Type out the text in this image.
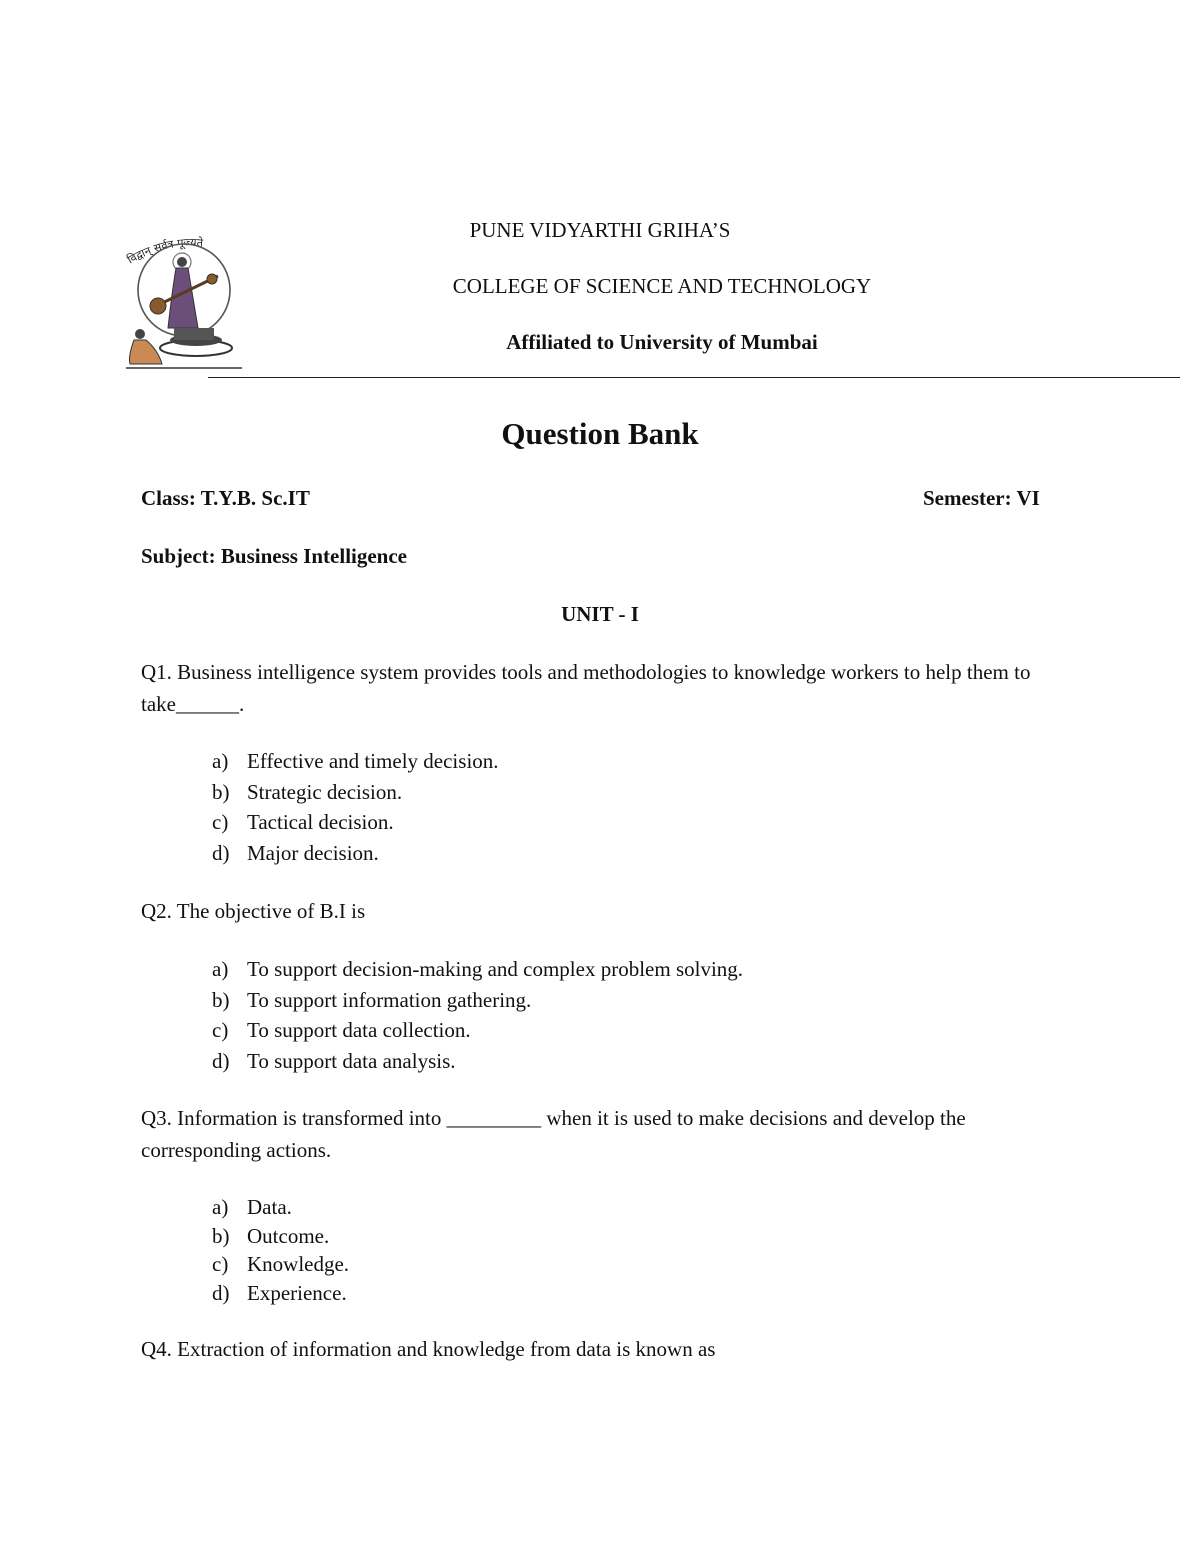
विद्वान् सर्वत्र पूज्यते
PUNE VIDYARTHI GRIHA’S
COLLEGE OF SCIENCE AND TECHNOLOGY
Affiliated to University of Mumbai
Question Bank
Class: T.Y.B. Sc.IT	Semester: VI
Subject: Business Intelligence
UNIT - I
Q1. Business intelligence system provides tools and methodologies to knowledge workers to help them to take______.
a) Effective and timely decision.
b) Strategic decision.
c) Tactical decision.
d) Major decision.
Q2. The objective of B.I is
a) To support decision-making and complex problem solving.
b) To support information gathering.
c) To support data collection.
d) To support data analysis.
Q3. Information is transformed into _________ when it is used to make decisions and develop the corresponding actions.
a) Data.
b) Outcome.
c) Knowledge.
d) Experience.
Q4. Extraction of information and knowledge from data is known as
